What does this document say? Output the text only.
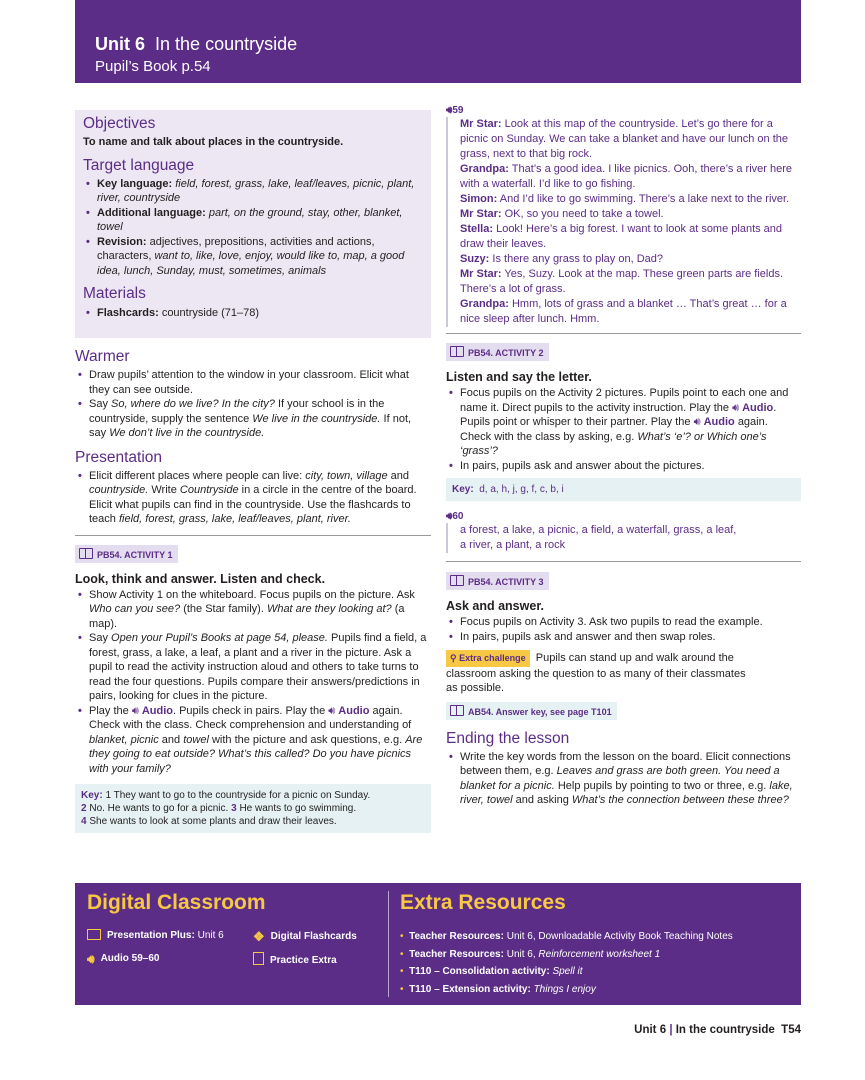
Unit 6 In the countryside
Pupil’s Book p.54

Objectives

To name and talk about places in the countryside.

Target language

• Key language: field, forest, grass, lake, leaf/leaves, picnic, plant, river, countryside
• Additional language: part, on the ground, stay, other, blanket, towel
• Revision: adjectives, prepositions, activities and actions, characters, want to, like, love, enjoy, would like to, map, a good idea, lunch, Sunday, must, sometimes, animals

Materials

• Flashcards: countryside (71–78)

Warmer

• Draw pupils’ attention to the window in your classroom. Elicit what they can see outside.
• Say So, where do we live? In the city? If your school is in the countryside, supply the sentence We live in the countryside. If not, say We don’t live in the countryside.

Presentation

• Elicit different places where people can live: city, town, village and countryside. Write Countryside in a circle in the centre of the board. Elicit what pupils can find in the countryside. Use the flashcards to teach field, forest, grass, lake, leaf/leaves, plant, river.
PB54. ACTIVITY 1

Look, think and answer. Listen and check.

• Show Activity 1 on the whiteboard. Focus pupils on the picture. Ask Who can you see? (the Star family). What are they looking at? (a map).
• Say Open your Pupil’s Books at page 54, please. Pupils find a field, a forest, grass, a lake, a leaf, a plant and a river in the picture. Ask a pupil to read the activity instruction aloud and others to take turns to read the four questions. Pupils compare their answers/predictions in pairs, looking for clues in the picture.
• Play the 🔊︎ Audio. Pupils check in pairs. Play the 🔊︎ Audio again. Check with the class. Check comprehension and understanding of blanket, picnic and towel with the picture and ask questions, e.g. Are they going to eat outside? What’s this called? Do you have picnics with your family?
Key: 1 They want to go to the countryside for a picnic on Sunday.
2 No. He wants to go for a picnic. 3 He wants to go swimming.
4 She wants to look at some plants and draw their leaves.
🔊︎59
Mr Star: Look at this map of the countryside. Let’s go there for a picnic on Sunday. We can take a blanket and have our lunch on the grass, next to that big rock.
Grandpa: That’s a good idea. I like picnics. Ooh, there’s a river here with a waterfall. I’d like to go fishing.
Simon: And I’d like to go swimming. There’s a lake next to the river.
Mr Star: OK, so you need to take a towel.
Stella: Look! Here’s a big forest. I want to look at some plants and draw their leaves.
Suzy: Is there any grass to play on, Dad?
Mr Star: Yes, Suzy. Look at the map. These green parts are fields. There’s a lot of grass.
Grandpa: Hmm, lots of grass and a blanket … That’s great … for a nice sleep after lunch. Hmm.
PB54. ACTIVITY 2

Listen and say the letter.

• Focus pupils on the Activity 2 pictures. Pupils point to each one and name it. Direct pupils to the activity instruction. Play the 🔊︎ Audio. Pupils point or whisper to their partner. Play the 🔊︎ Audio again. Check with the class by asking, e.g. What’s ‘e’? or Which one’s ‘grass’?
• In pairs, pupils ask and answer about the pictures.
Key: d, a, h, j, g, f, c, b, i
🔊︎60
a forest, a lake, a picnic, a field, a waterfall, grass, a leaf,
a river, a plant, a rock
PB54. ACTIVITY 3

Ask and answer.

• Focus pupils on Activity 3. Ask two pupils to read the example.
• In pairs, pupils ask and answer and then swap roles.
⚲ Extra challenge Pupils can stand up and walk around the
classroom asking the question to as many of their classmates
as possible.
AB54. Answer key, see page T101

Ending the lesson

• Write the key words from the lesson on the board. Elicit connections between them, e.g. Leaves and grass are both green. You need a blanket for a picnic. Help pupils by pointing to two or three, e.g. lake, river, towel and asking What’s the connection between these three?
Digital Classroom
Presentation Plus: Unit 6 ❖ Digital Flashcards
🔊︎ Audio 59–60	Practice Extra
Extra Resources
• Teacher Resources: Unit 6, Downloadable Activity Book Teaching Notes
• Teacher Resources: Unit 6, Reinforcement worksheet 1
• T110 – Consolidation activity: Spell it
• T110 – Extension activity: Things I enjoy
Unit 6 | In the countryside T54
